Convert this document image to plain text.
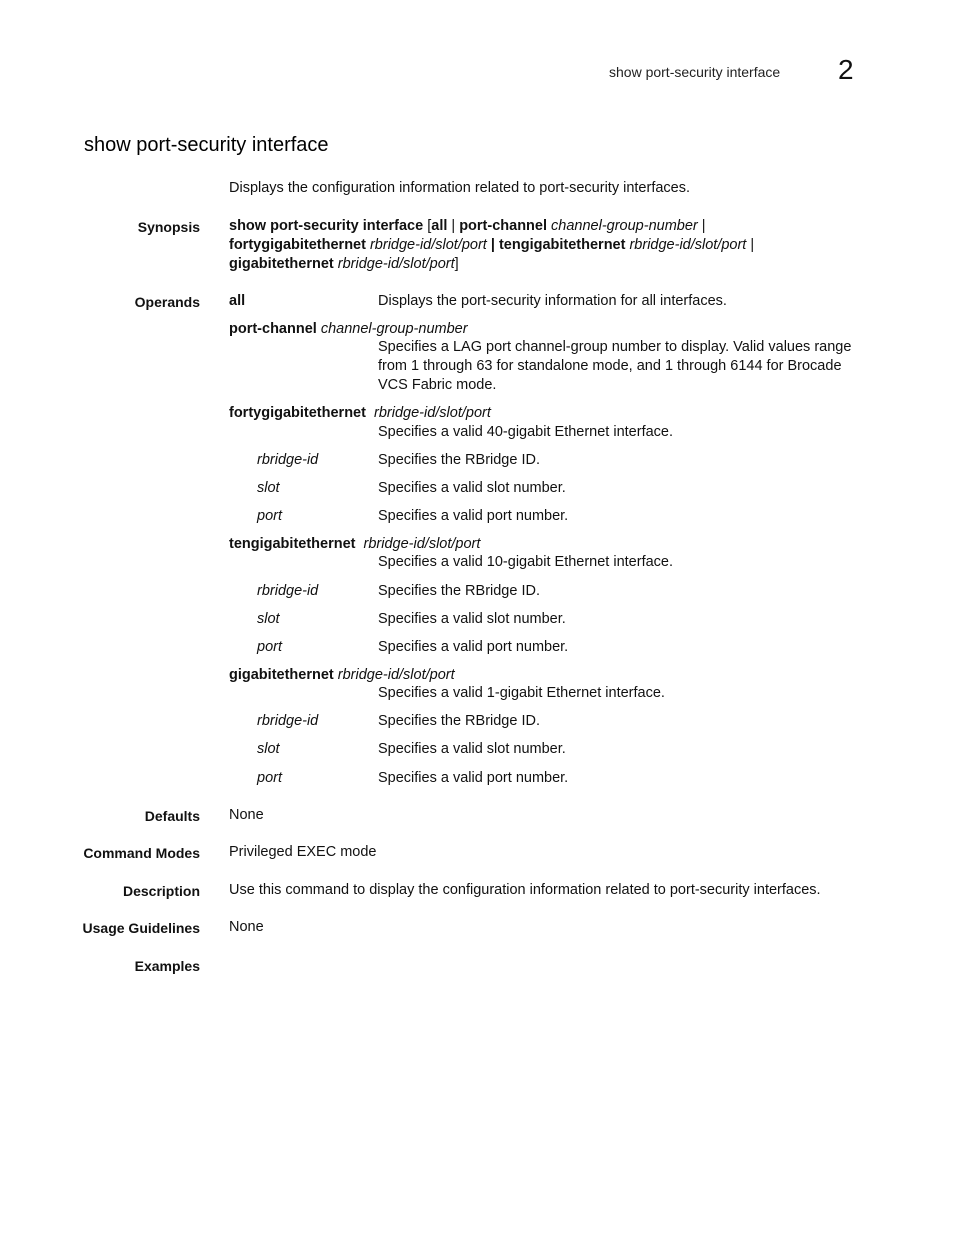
show port-security interface 2
show port-security interface
Displays the configuration information related to port-security interfaces.
Synopsis show port-security interface [all | port-channel channel-group-number |
fortygigabitethernet rbridge-id/slot/port | tengigabitethernet rbridge-id/slot/port |
gigabitethernet rbridge-id/slot/port]
Operands all	Displays the port-security information for all interfaces.
port-channel channel-group-number
Specifies a LAG port channel-group number to display. Valid values range from 1 through 63 for standalone mode, and 1 through 6144 for Brocade VCS Fabric mode.
fortygigabitethernet  rbridge-id/slot/port
Specifies a valid 40-gigabit Ethernet interface.
rbridge-id	Specifies the RBridge ID.
slot	Specifies a valid slot number.
port	Specifies a valid port number.
tengigabitethernet  rbridge-id/slot/port
Specifies a valid 10-gigabit Ethernet interface.
rbridge-id	Specifies the RBridge ID.
slot	Specifies a valid slot number.
port	Specifies a valid port number.
gigabitethernet rbridge-id/slot/port
Specifies a valid 1-gigabit Ethernet interface.
rbridge-id	Specifies the RBridge ID.
slot	Specifies a valid slot number.
port	Specifies a valid port number.
Defaults None
Command Modes Privileged EXEC mode
Description Use this command to display the configuration information related to port-security interfaces.
Usage Guidelines None
Examples
